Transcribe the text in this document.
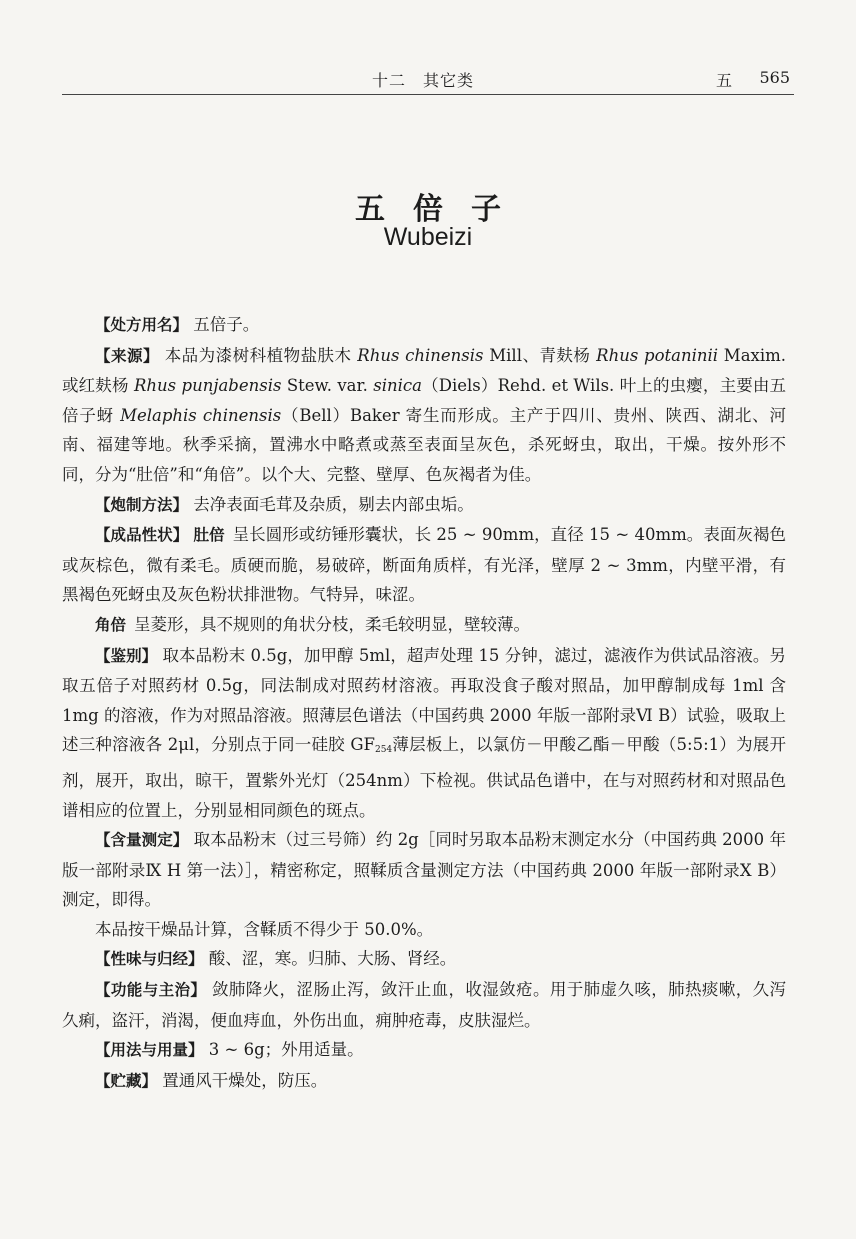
十二　其它类	五 565
五倍子
Wubeizi

【处方用名】 五倍子。

【来源】 本品为漆树科植物盐肤木 Rhus chinensis Mill、青麸杨 Rhus potaninii Maxim.或红麸杨 Rhus punjabensis Stew. var. sinica（Diels）Rehd. et Wils. 叶上的虫瘿，主要由五倍子蚜 Melaphis chinensis（Bell）Baker 寄生而形成。主产于四川、贵州、陕西、湖北、河南、福建等地。秋季采摘，置沸水中略煮或蒸至表面呈灰色，杀死蚜虫，取出，干燥。按外形不同，分为“肚倍”和“角倍”。以个大、完整、壁厚、色灰褐者为佳。

【炮制方法】 去净表面毛茸及杂质，剔去内部虫垢。

【成品性状】 肚倍 呈长圆形或纺锤形囊状，长 25 ~ 90mm，直径 15 ~ 40mm。表面灰褐色或灰棕色，微有柔毛。质硬而脆，易破碎，断面角质样，有光泽，壁厚 2 ~ 3mm，内壁平滑，有黑褐色死蚜虫及灰色粉状排泄物。气特异，味涩。

角倍 呈菱形，具不规则的角状分枝，柔毛较明显，壁较薄。

【鉴别】 取本品粉末 0.5g，加甲醇 5ml，超声处理 15 分钟，滤过，滤液作为供试品溶液。另取五倍子对照药材 0.5g，同法制成对照药材溶液。再取没食子酸对照品，加甲醇制成每 1ml 含 1mg 的溶液，作为对照品溶液。照薄层色谱法（中国药典 2000 年版一部附录Ⅵ B）试验，吸取上述三种溶液各 2μl，分别点于同一硅胶 $GF_{254}$薄层板上，以氯仿－甲酸乙酯－甲酸（5:5:1）为展开剂，展开，取出，晾干，置紫外光灯（254nm）下检视。供试品色谱中，在与对照药材和对照品色谱相应的位置上，分别显相同颜色的斑点。

【含量测定】 取本品粉末（过三号筛）约 2g［同时另取本品粉末测定水分（中国药典 2000 年版一部附录Ⅸ H 第一法）］，精密称定，照鞣质含量测定方法（中国药典 2000 年版一部附录Ⅹ B）测定，即得。

本品按干燥品计算，含鞣质不得少于 50.0%。

【性味与归经】 酸、涩，寒。归肺、大肠、肾经。

【功能与主治】 敛肺降火，涩肠止泻，敛汗止血，收湿敛疮。用于肺虚久咳，肺热痰嗽，久泻久痢，盗汗，消渴，便血痔血，外伤出血，痈肿疮毒，皮肤湿烂。

【用法与用量】 3 ~ 6g；外用适量。

【贮藏】 置通风干燥处，防压。
